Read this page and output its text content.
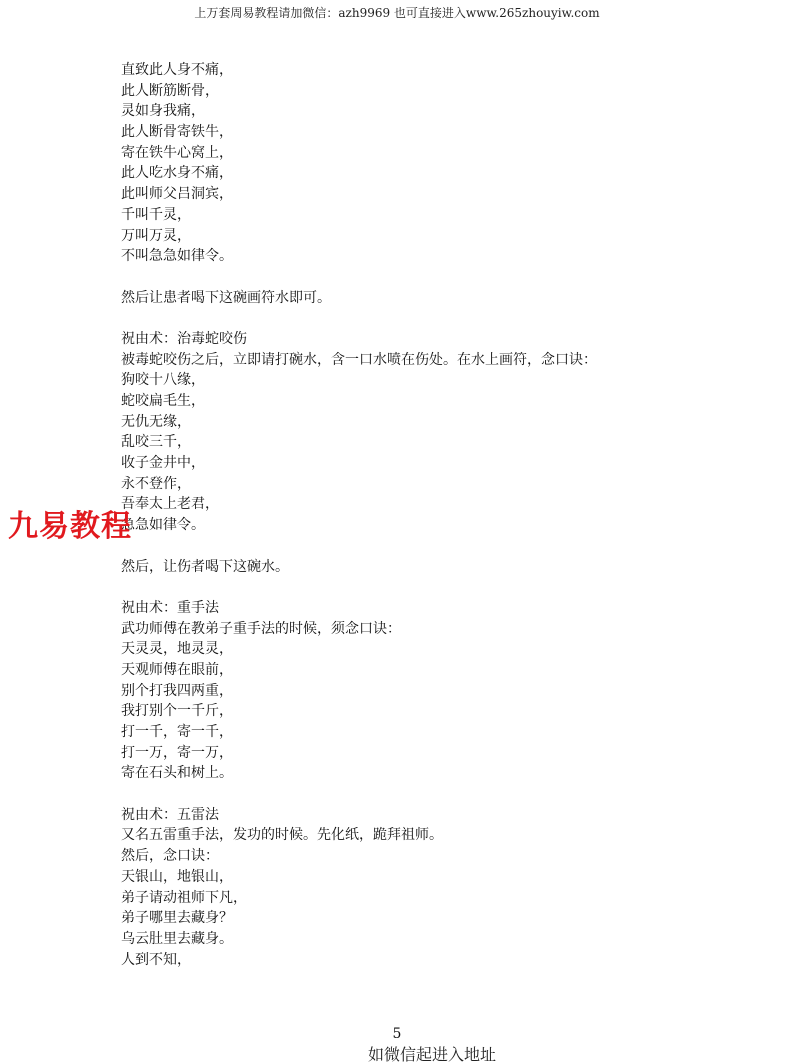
上万套周易教程请加微信：azh9969 也可直接进入www.265zhouyiw.com
直致此人身不痛，
此人断筋断骨，
灵如身我痛，
此人断骨寄铁牛，
寄在铁牛心窝上，
此人吃水身不痛，
此叫师父吕洞宾，
千叫千灵，
万叫万灵，
不叫急急如律令。
然后让患者喝下这碗画符水即可。
祝由术：治毒蛇咬伤
被毒蛇咬伤之后，立即请打碗水，含一口水喷在伤处。在水上画符，念口诀：
狗咬十八缘，
蛇咬扁毛生，
无仇无缘，
乱咬三千，
收子金井中，
永不登作，
吾奉太上老君，
急急如律令。
然后，让伤者喝下这碗水。
祝由术：重手法
武功师傅在教弟子重手法的时候，须念口诀：
天灵灵，地灵灵，
天观师傅在眼前，
别个打我四两重，
我打别个一千斤，
打一千，寄一千，
打一万，寄一万，
寄在石头和树上。
祝由术：五雷法
又名五雷重手法，发功的时候。先化纸，跪拜祖师。
然后，念口诀：
天银山，地银山，
弟子请动祖师下凡，
弟子哪里去藏身？
乌云肚里去藏身。
人到不知，
九易教程
5
如微信起进入地址
